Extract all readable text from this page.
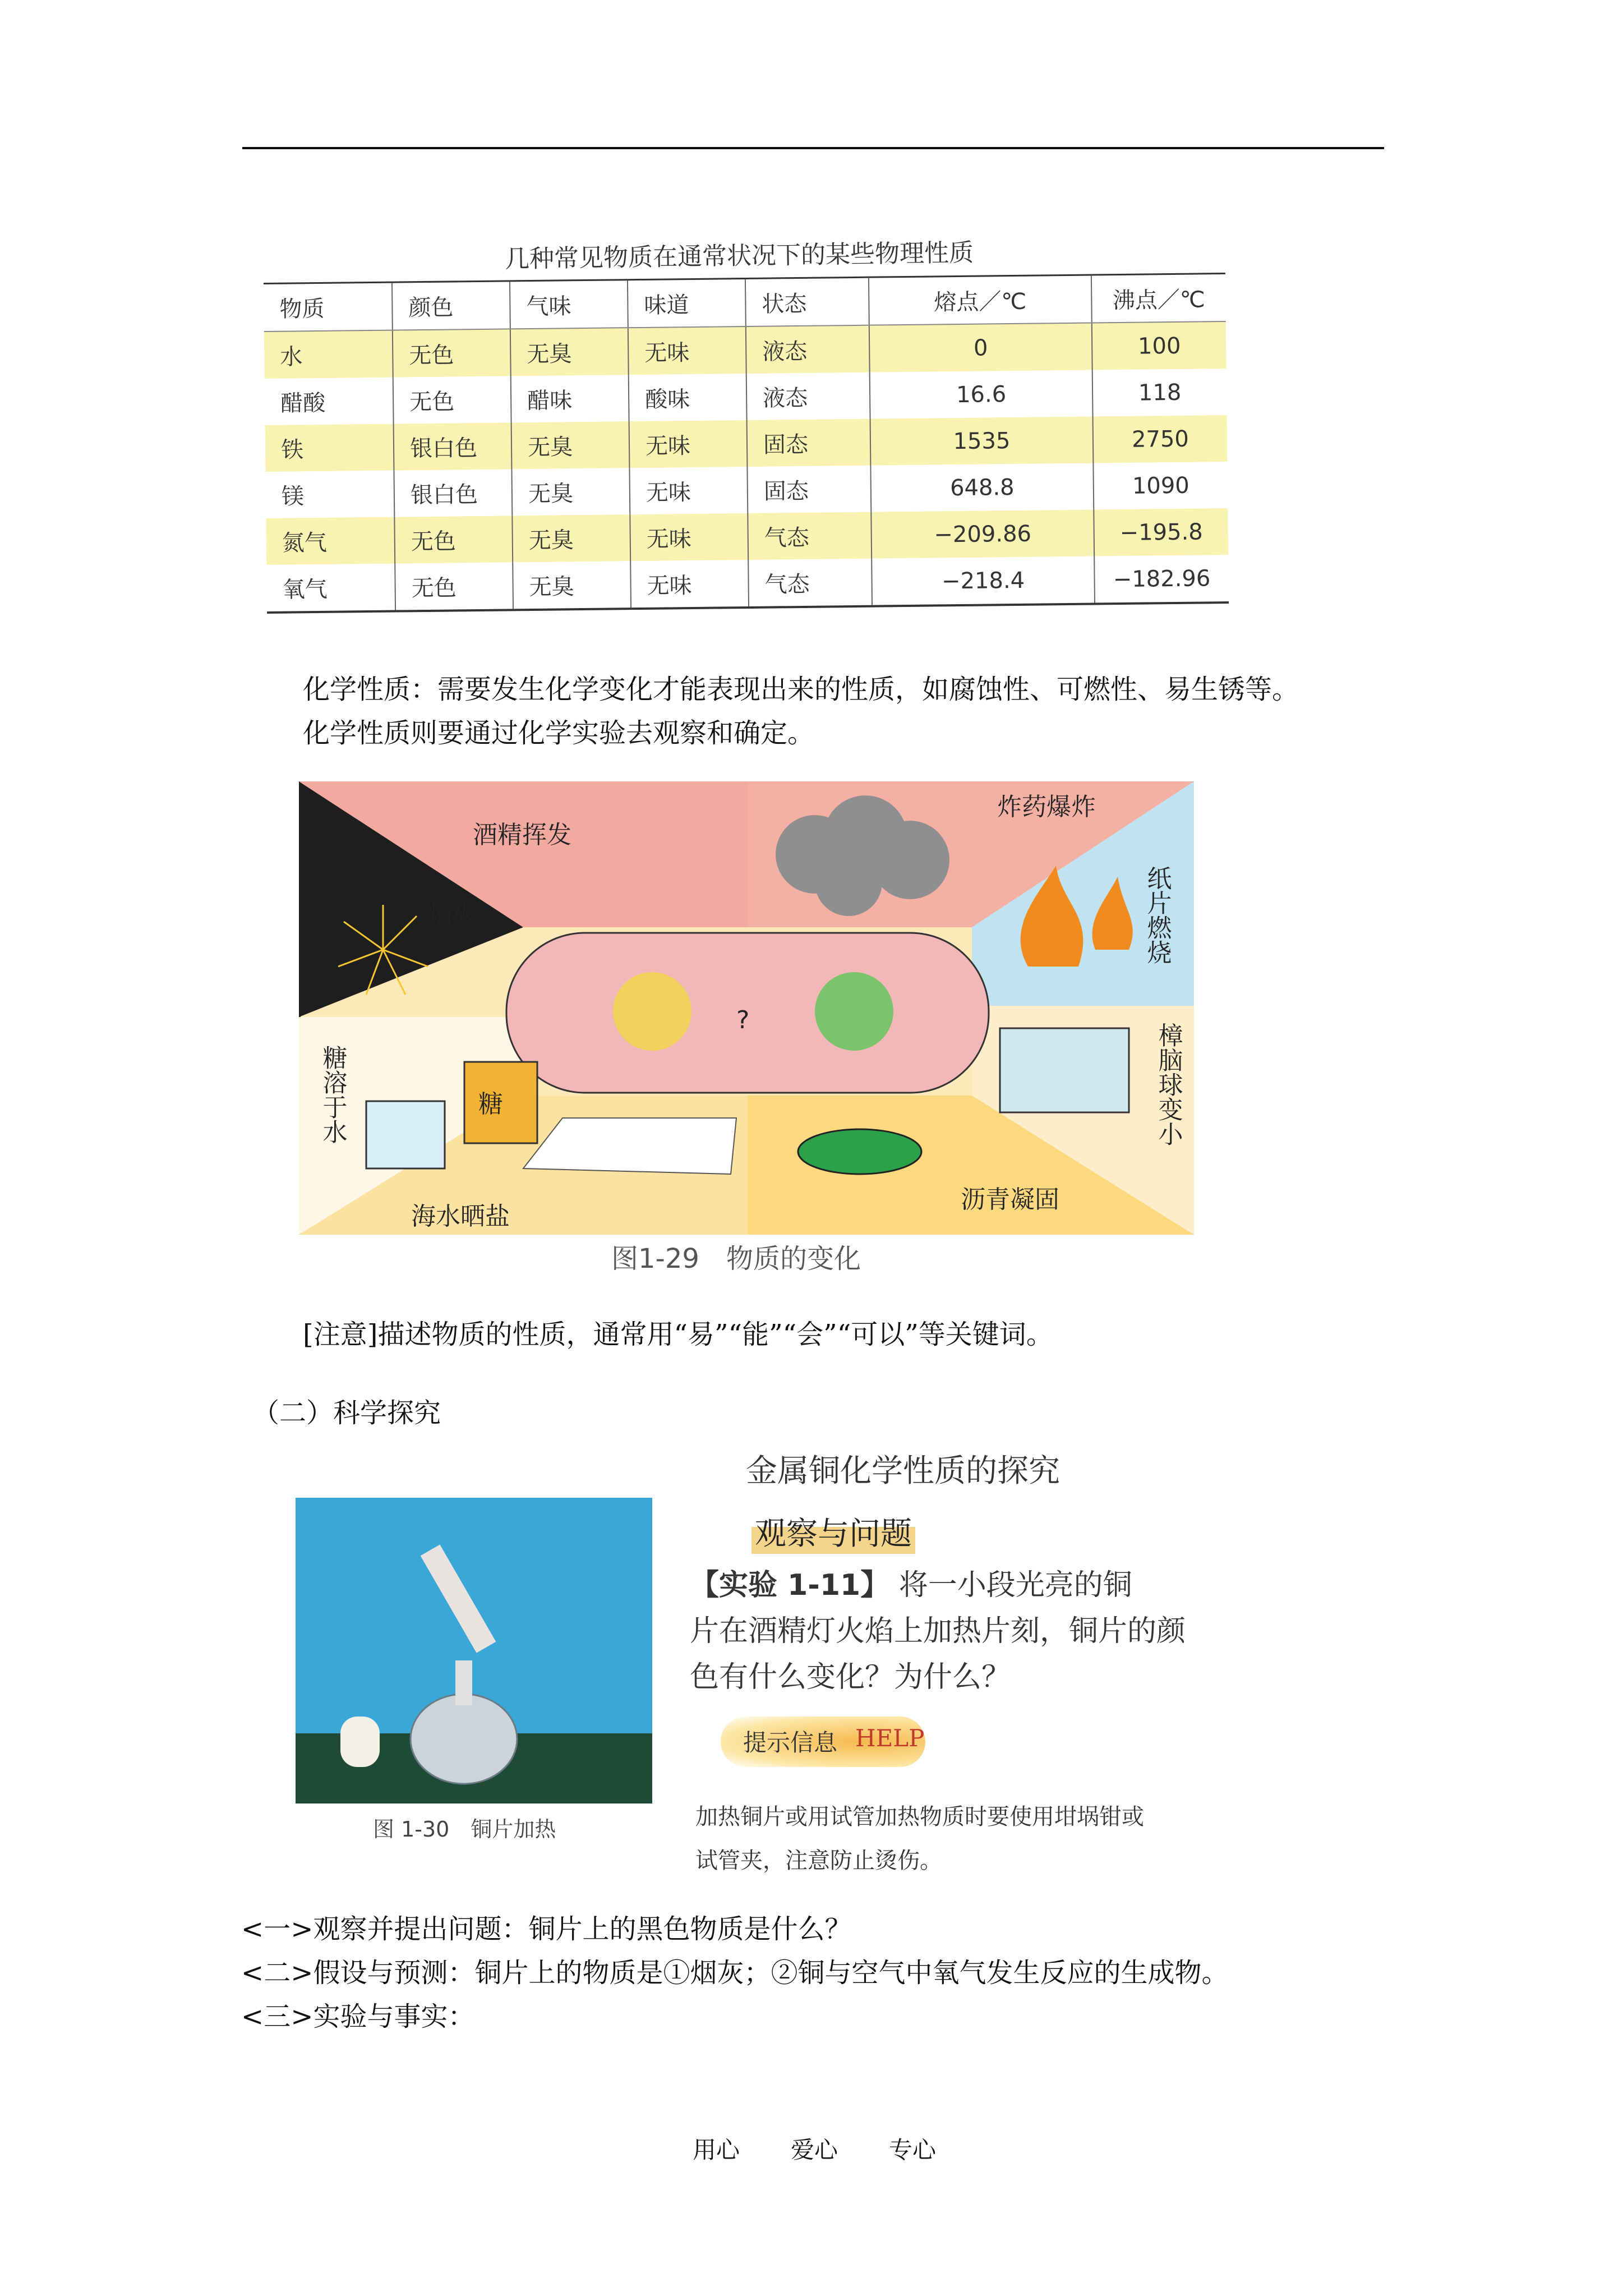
几种常见物质在通常状况下的某些物理性质
物质	颜色	气味	味道	状态	熔点／℃	沸点／℃
水	无色	无臭	无味	液态	0	100
醋酸	无色	醋味	酸味	液态	16.6	118
铁	银白色	无臭	无味	固态	1535	2750
镁	银白色	无臭	无味	固态	648.8	1090
氮气	无色	无臭	无味	气态	−209.86	−195.8
氧气	无色	无臭	无味	气态	−218.4	−182.96
化学性质：需要发生化学变化才能表现出来的性质，如腐蚀性、可燃性、易生锈等。
化学性质则要通过化学实验去观察和确定。
糖
?
酒精挥发
炸药爆炸
焰火	纸片燃烧
樟脑球变小
糖溶于水
海水晒盐
沥青凝固
图1-29　物质的变化
[注意]描述物质的性质，通常用“易”“能”“会”“可以”等关键词。
（二）科学探究
图 1-30　铜片加热
金属铜化学性质的探究
观察与问题
【实验 1-11】 将一小段光亮的铜
片在酒精灯火焰上加热片刻，铜片的颜
色有什么变化？为什么？
提示信息 HELP
加热铜片或用试管加热物质时要使用坩埚钳或
试管夹，注意防止烫伤。
<一>观察并提出问题：铜片上的黑色物质是什么？
<二>假设与预测：铜片上的物质是①烟灰；②铜与空气中氧气发生反应的生成物。
<三>实验与事实：
用心 爱心 专心
